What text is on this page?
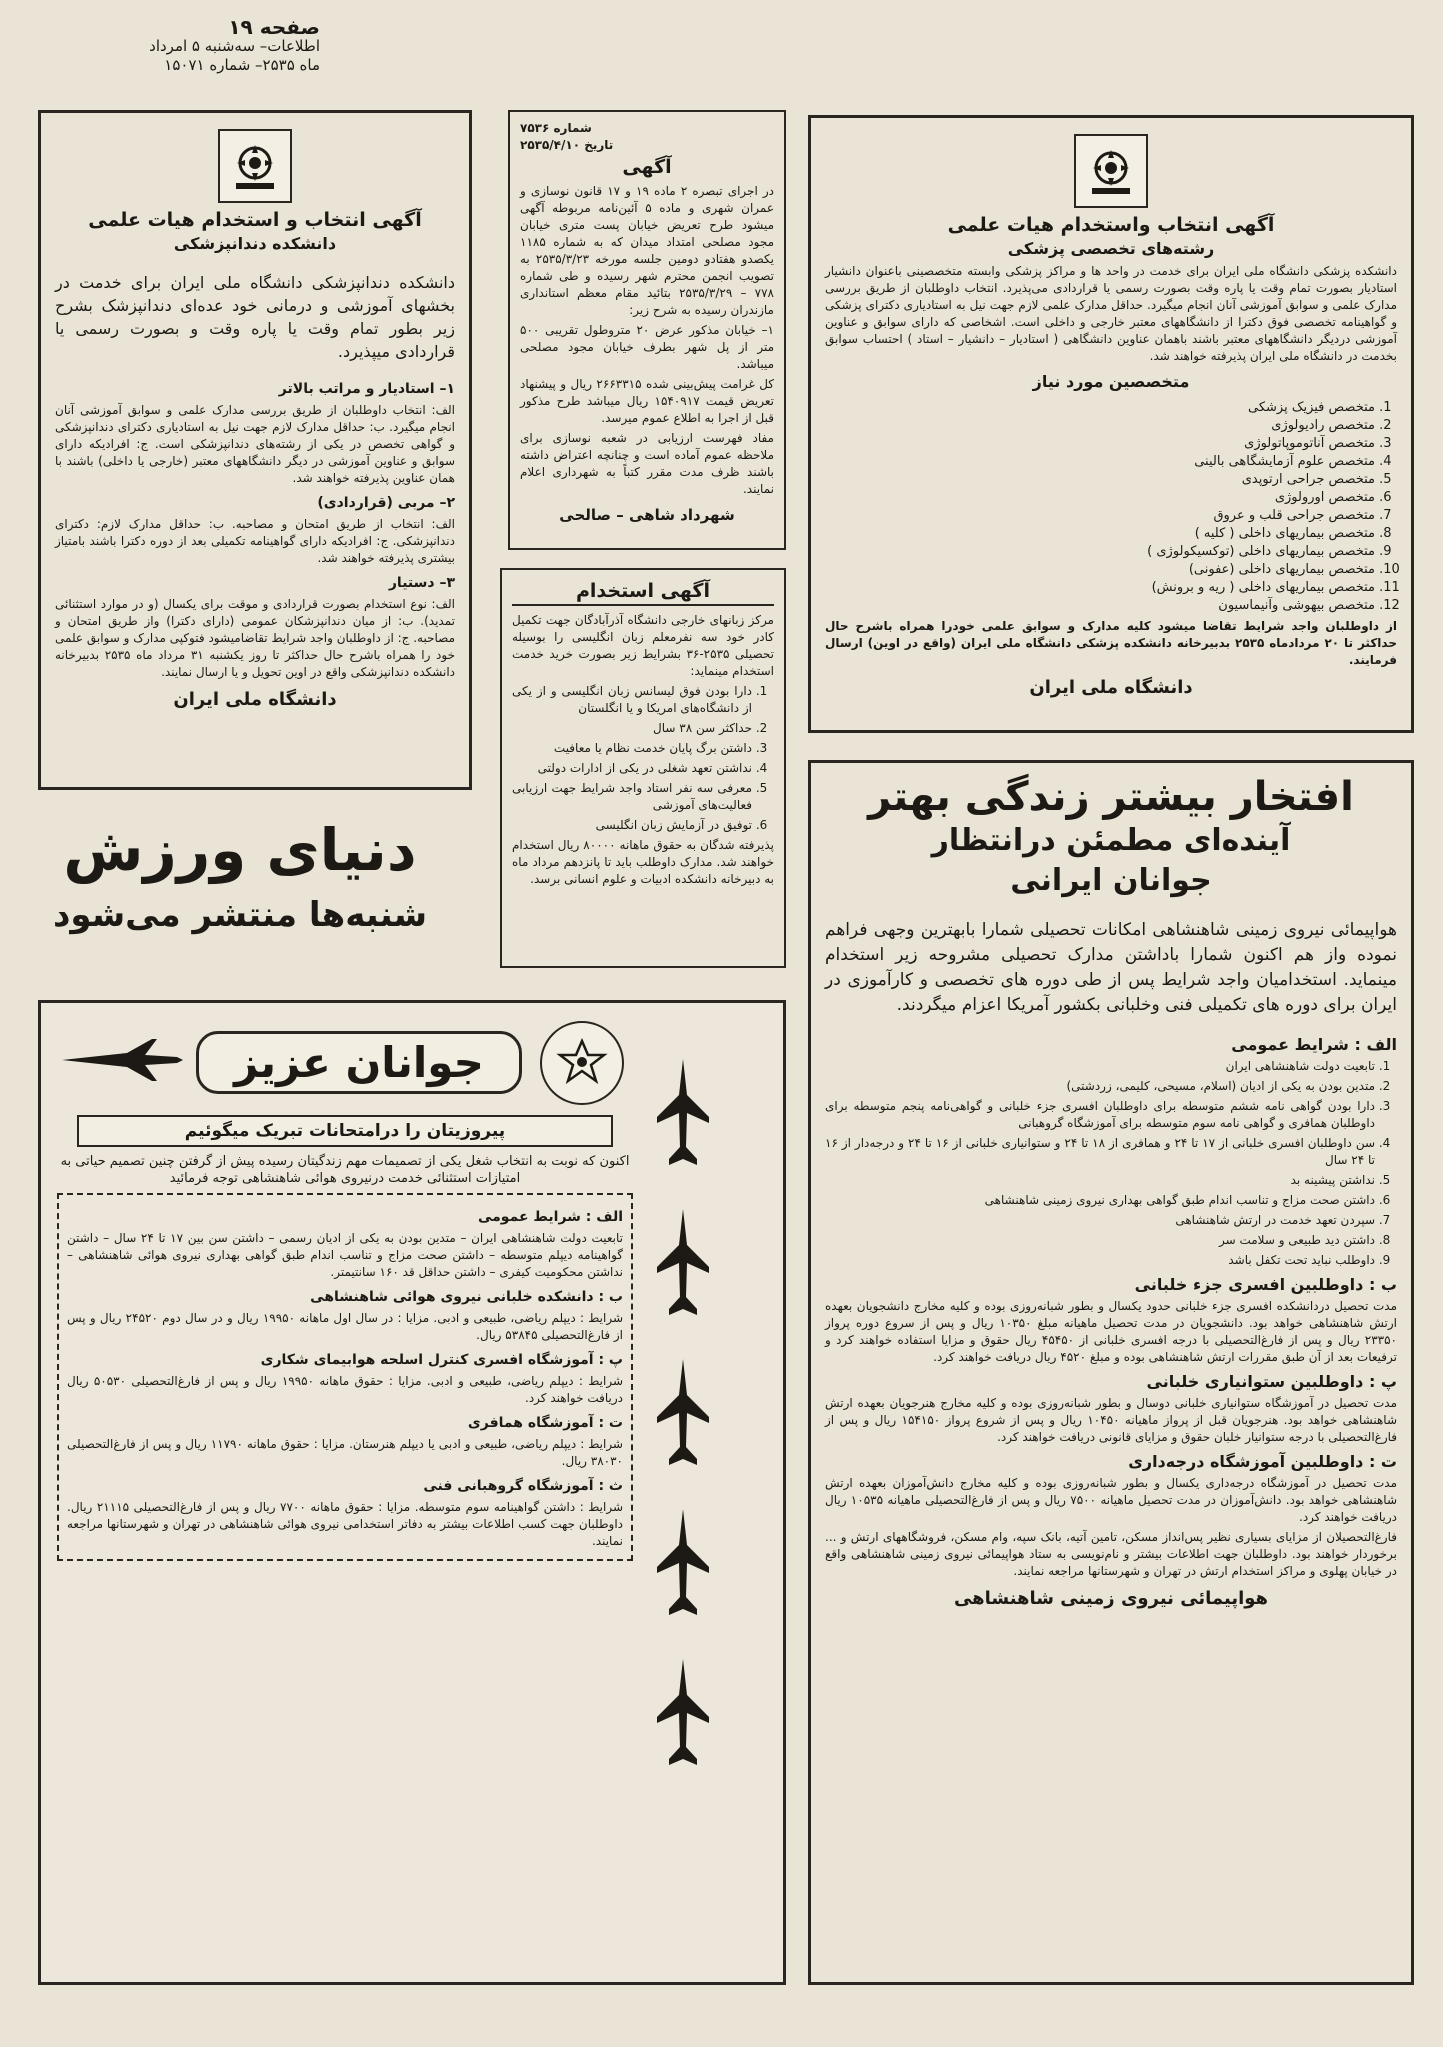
صفحه ۱۹
اطلاعات– سه‌شنبه ۵ امرداد
ماه ۲۵۳۵– شماره ۱۵۰۷۱
آگهی انتخاب واستخدام هیات علمی
رشته‌های تخصصی پزشکی

دانشکده پزشکی دانشگاه ملی ایران برای خدمت در واحد ها و مراکز پزشکی وابسته متخصصینی باعنوان دانشیار استادیار بصورت تمام وقت یا پاره وقت بصورت رسمی یا قراردادی می‌پذیرد. انتخاب داوطلبان از طریق بررسی مدارک علمی و سوابق آموزشی آنان انجام میگیرد. حداقل مدارک علمی لازم جهت نیل به استادیاری دکترای پزشکی و گواهینامه تخصصی فوق دکترا از دانشگاههای معتبر خارجی و داخلی است. اشخاصی که دارای سوابق و عناوین آموزشی دردیگر دانشگاههای معتبر باشند باهمان عناوین دانشگاهی ( استادیار – دانشیار – استاد ) احتساب سوابق بخدمت در دانشگاه ملی ایران پذیرفته خواهند شد.

متخصصین مورد نیاز
1. متخصص فیزیک پزشکی
2. متخصص رادیولوژی
3. متخصص آناتوموپاتولوژی
4. متخصص علوم آزمایشگاهی بالینی
5. متخصص جراحی ارتوپدی
6. متخصص اورولوژی
7. متخصص جراحی قلب و عروق
8. متخصص بیماریهای داخلی ( کلیه )
9. متخصص بیماریهای داخلی (توکسیکولوژی )
10. متخصص بیماریهای داخلی (عفونی)
11. متخصص بیماریهای داخلی ( ریه و برونش)
12. متخصص بیهوشی وآنیماسیون

از داوطلبان واجد شرایط تقاضا میشود کلیه مدارک و سوابق علمی خودرا همراه باشرح حال حداکثر تا ۲۰ مردادماه ۲۵۳۵ بدبیرخانه دانشکده پزشکی دانشگاه ملی ایران (واقع در اوین) ارسال فرمایند.

دانشگاه ملی ایران
شماره ۷۵۳۶
تاریخ ۲۵۳۵/۴/۱۰
آگهی

در اجرای تبصره ۲ ماده ۱۹ و ۱۷ قانون نوسازی و عمران شهری و ماده ۵ آئین‌نامه مربوطه آگهی میشود طرح تعریض خیابان پست متری خیابان مجود مصلحی امتداد میدان که به شماره ۱۱۸۵ یکصدو هفتادو دومین جلسه مورخه ۲۵۳۵/۳/۲۳ به تصویب انجمن محترم شهر رسیده و طی شماره ۷۷۸ – ۲۵۳۵/۳/۲۹ بتائید مقام معظم استانداری مازندران رسیده به شرح زیر:

۱– خیابان مذکور عرض ۲۰ متروطول تقریبی ۵۰۰ متر از پل شهر بطرف خیابان مجود مصلحی میباشد.

کل غرامت پیش‌بینی شده ۲۶۶۳۳۱۵ ریال و پیشنهاد تعریض قیمت ۱۵۴۰۹۱۷ ریال میباشد طرح مذکور قبل از اجرا به اطلاع عموم میرسد.

مفاد فهرست ارزیابی در شعبه نوسازی برای ملاحظه عموم آماده است و چنانچه اعتراض داشته باشند ظرف مدت مقرر کتباً به شهرداری اعلام نمایند.

شهرداد شاهی – صالحی
آگهی انتخاب و استخدام هیات علمی
دانشکده دندانپزشکی

دانشکده دندانپزشکی دانشگاه ملی ایران برای خدمت در بخشهای آموزشی و درمانی خود عده‌ای دندانپزشک بشرح زیر بطور تمام وقت یا پاره وقت و بصورت رسمی یا قراردادی میپذیرد.

۱– استادیار و مراتب بالاتر

الف: انتخاب داوطلبان از طریق بررسی مدارک علمی و سوابق آموزشی آنان انجام میگیرد. ب: حداقل مدارک لازم جهت نیل به استادیاری دکترای دندانپزشکی و گواهی تخصص در یکی از رشته‌های دندانپزشکی است. ج: افرادیکه دارای سوابق و عناوین آموزشی در دیگر دانشگاههای معتبر (خارجی یا داخلی) باشند با همان عناوین پذیرفته خواهند شد.

۲– مربی (قراردادی)

الف: انتخاب از طریق امتحان و مصاحبه. ب: حداقل مدارک لازم: دکترای دندانپزشکی. ج: افرادیکه دارای گواهینامه تکمیلی بعد از دوره دکترا باشند بامتیاز بیشتری پذیرفته خواهند شد.

۳– دستیار

الف: نوع استخدام بصورت قراردادی و موقت برای یکسال (و در موارد استثنائی تمدید). ب: از میان دندانپزشکان عمومی (دارای دکترا) واز طریق امتحان و مصاحبه. ج: از داوطلبان واجد شرایط تقاضامیشود فتوکپی مدارک و سوابق علمی خود را همراه باشرح حال حداکثر تا روز یکشنبه ۳۱ مرداد ماه ۲۵۳۵ بدبیرخانه دانشکده دندانپزشکی واقع در اوین تحویل و یا ارسال نمایند.

دانشگاه ملی ایران
آگهی استخدام

مرکز زبانهای خارجی دانشگاه آذرآبادگان جهت تکمیل کادر خود سه نفرمعلم زبان انگلیسی را بوسیله تحصیلی ۲۵۳۵-۳۶ بشرایط زیر بصورت خرید خدمت استخدام مینماید:

1. دارا بودن فوق لیسانس زبان انگلیسی و از یکی از دانشگاه‌های امریکا و یا انگلستان
2. حداکثر سن ۳۸ سال
3. داشتن برگ پایان خدمت نظام یا معافیت
4. نداشتن تعهد شغلی در یکی از ادارات دولتی
5. معرفی سه نفر استاد واجد شرایط جهت ارزیابی فعالیت‌های آموزشی
6. توفیق در آزمایش زبان انگلیسی

پذیرفته شدگان به حقوق ماهانه ۸۰۰۰۰ ریال استخدام خواهند شد. مدارک داوطلب باید تا پانزدهم مرداد ماه به دبیرخانه دانشکده ادبیات و علوم انسانی برسد.

دنیای ورزش
شنبه‌ها منتشر می‌شود
جوانان عزیز
پیروزیتان را درامتحانات تبریک میگوئیم

اکنون که نوبت به انتخاب شغل یکی از تصمیمات مهم زندگیتان رسیده پیش از گرفتن چنین تصمیم حیاتی به امتیازات استثنائی خدمت درنیروی هوائی شاهنشاهی توجه فرمائید

الف : شرایط عمومی

تابعیت دولت شاهنشاهی ایران – متدین بودن به یکی از ادیان رسمی – داشتن سن بین ۱۷ تا ۲۴ سال – داشتن گواهینامه دیپلم متوسطه – داشتن صحت مزاج و تناسب اندام طبق گواهی بهداری نیروی هوائی شاهنشاهی – نداشتن محکومیت کیفری – داشتن حداقل قد ۱۶۰ سانتیمتر.

ب : دانشکده خلبانی نیروی هوائی شاهنشاهی

شرایط : دیپلم ریاضی، طبیعی و ادبی. مزایا : در سال اول ماهانه ۱۹۹۵۰ ریال و در سال دوم ۲۴۵۲۰ ریال و پس از فارغ‌التحصیلی ۵۳۸۴۵ ریال.

پ : آموزشگاه افسری کنترل اسلحه هوابیمای شکاری

شرایط : دیپلم ریاضی، طبیعی و ادبی. مزایا : حقوق ماهانه ۱۹۹۵۰ ریال و پس از فارغ‌التحصیلی ۵۰۵۳۰ ریال دریافت خواهند کرد.

ت : آموزشگاه همافری

شرایط : دیپلم ریاضی، طبیعی و ادبی یا دیپلم هنرستان. مزایا : حقوق ماهانه ۱۱۷۹۰ ریال و پس از فارغ‌التحصیلی ۳۸۰۳۰ ریال.

ث : آموزشگاه گروهبانی فنی

شرایط : داشتن گواهینامه سوم متوسطه. مزایا : حقوق ماهانه ۷۷۰۰ ریال و پس از فارغ‌التحصیلی ۲۱۱۱۵ ریال. داوطلبان جهت کسب اطلاعات بیشتر به دفاتر استخدامی نیروی هوائی شاهنشاهی در تهران و شهرستانها مراجعه نمایند.

افتخار بیشتر زندگی بهتر
آینده‌ای مطمئن درانتظار
جوانان ایرانی

هواپیمائی نیروی زمینی شاهنشاهی امکانات تحصیلی شمارا بابهترین وجهی فراهم نموده واز هم اکنون شمارا باداشتن مدارک تحصیلی مشروحه زیر استخدام مینماید. استخدامیان واجد شرایط پس از طی دوره های تخصصی و کارآموزی در ایران برای دوره های تکمیلی فنی وخلبانی بکشور آمریکا اعزام میگردند.

الف : شرایط عمومی
1. تابعیت دولت شاهنشاهی ایران
2. متدین بودن به یکی از ادیان (اسلام، مسیحی، کلیمی، زردشتی)
3. دارا بودن گواهی نامه ششم متوسطه برای داوطلبان افسری جزء خلبانی و گواهی‌نامه پنجم متوسطه برای داوطلبان همافری و گواهی نامه سوم متوسطه برای آموزشگاه گروهبانی
4. سن داوطلبان افسری خلبانی از ۱۷ تا ۲۴ و همافری از ۱۸ تا ۲۴ و ستوانیاری خلبانی از ۱۶ تا ۲۴ و درجه‌دار از ۱۶ تا ۲۴ سال
5. نداشتن پیشینه بد
6. داشتن صحت مزاج و تناسب اندام طبق گواهی بهداری نیروی زمینی شاهنشاهی
7. سپردن تعهد خدمت در ارتش شاهنشاهی
8. داشتن دید طبیعی و سلامت سر
9. داوطلب نباید تحت تکفل باشد
ب : داوطلبین افسری جزء خلبانی

مدت تحصیل دردانشکده افسری جزء خلبانی حدود یکسال و بطور شبانه‌روزی بوده و کلیه مخارج دانشجویان بعهده ارتش شاهنشاهی خواهد بود. دانشجویان در مدت تحصیل ماهیانه مبلغ ۱۰۳۵۰ ریال و پس از سروع دوره پرواز ۲۳۳۵۰ ریال و پس از فارغ‌التحصیلی با درجه افسری خلبانی از ۴۵۴۵۰ ریال حقوق و مزایا استفاده خواهند کرد و ترفیعات بعد از آن طبق مقررات ارتش شاهنشاهی بوده و مبلغ ۴۵۲۰ ریال دریافت خواهند کرد.

پ : داوطلبین ستوانیاری خلبانی

مدت تحصیل در آموزشگاه ستوانیاری خلبانی دوسال و بطور شبانه‌روزی بوده و کلیه مخارج هنرجویان بعهده ارتش شاهنشاهی خواهد بود. هنرجویان قبل از پرواز ماهیانه ۱۰۴۵۰ ریال و پس از شروع پرواز ۱۵۴۱۵۰ ریال و پس از فارغ‌التحصیلی با درجه ستوانیار خلبان حقوق و مزایای قانونی دریافت خواهند کرد.

ت : داوطلبین آموزشگاه درجه‌داری

مدت تحصیل در آموزشگاه درجه‌داری یکسال و بطور شبانه‌روزی بوده و کلیه مخارج دانش‌آموزان بعهده ارتش شاهنشاهی خواهد بود. دانش‌آموزان در مدت تحصیل ماهیانه ۷۵۰۰ ریال و پس از فارغ‌التحصیلی ماهیانه ۱۰۵۳۵ ریال دریافت خواهند کرد.

فارغ‌التحصیلان از مزایای بسیاری نظیر پس‌انداز مسکن، تامین آتیه، بانک سپه، وام مسکن، فروشگاههای ارتش و ... برخوردار خواهند بود. داوطلبان جهت اطلاعات بیشتر و نام‌نویسی به ستاد هواپیمائی نیروی زمینی شاهنشاهی واقع در خیابان پهلوی و مراکز استخدام ارتش در تهران و شهرستانها مراجعه نمایند.

هواپیمائی نیروی زمینی شاهنشاهی
